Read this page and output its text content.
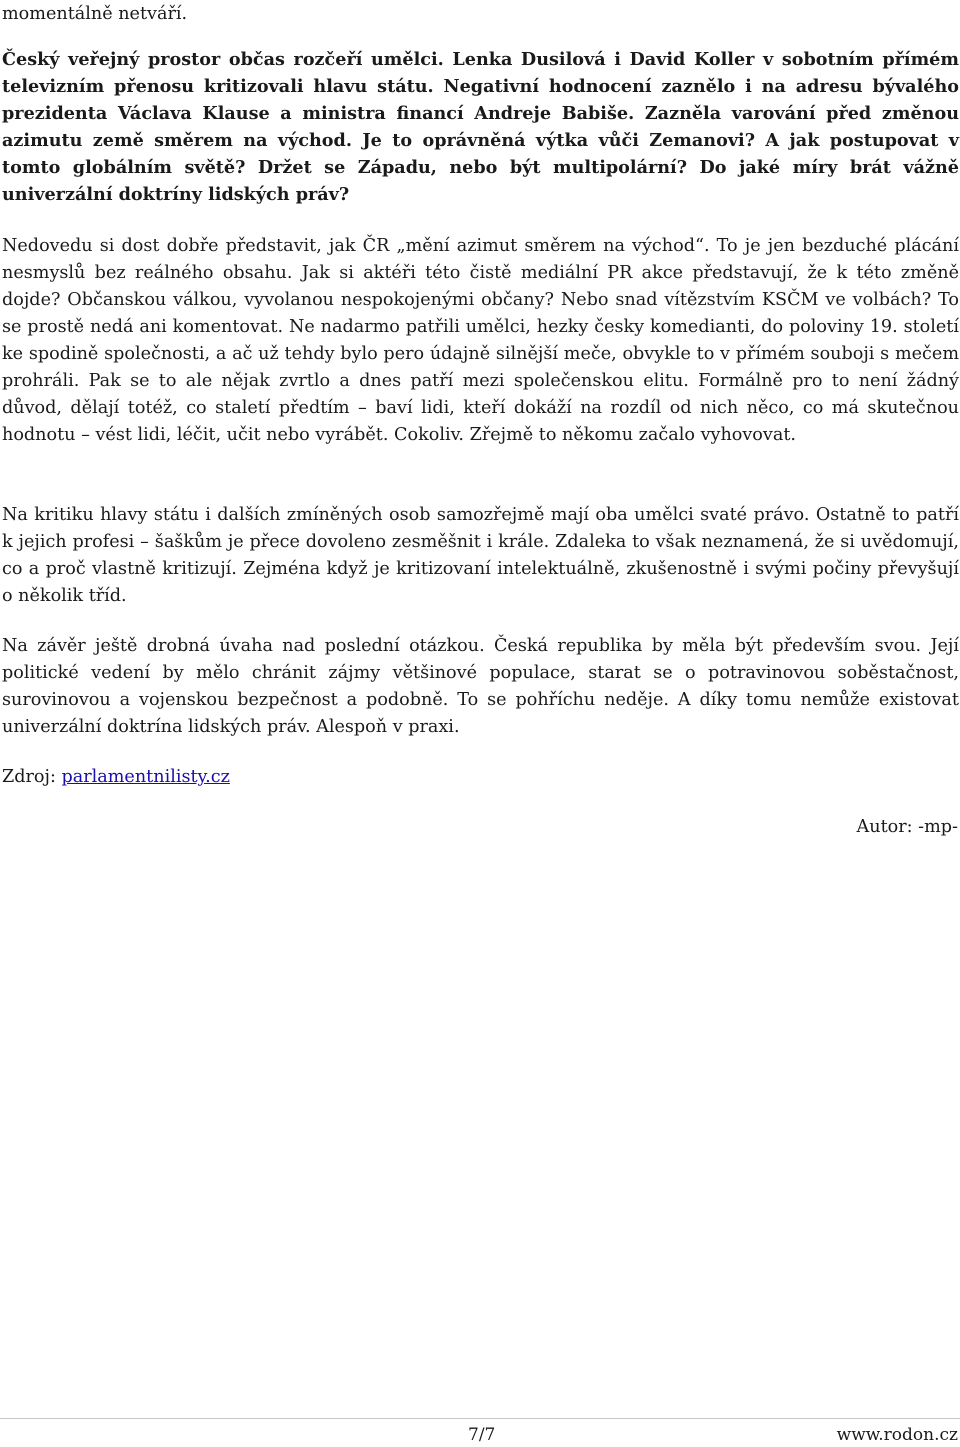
momentálně netváří.

Český veřejný prostor občas rozčeří umělci. Lenka Dusilová i David Koller v sobotním přímém televizním přenosu kritizovali hlavu státu. Negativní hodnocení zaznělo i na adresu bývalého prezidenta Václava Klause a ministra financí Andreje Babiše. Zazněla varování před změnou azimutu země směrem na východ. Je to oprávněná výtka vůči Zemanovi? A jak postupovat v tomto globálním světě? Držet se Západu, nebo být multipolární? Do jaké míry brát vážně univerzální doktríny lidských práv?

Nedovedu si dost dobře představit, jak ČR „mění azimut směrem na východ“. To je jen bezduché plácání nesmyslů bez reálného obsahu. Jak si aktéři této čistě mediální PR akce představují, že k této změně dojde? Občanskou válkou, vyvolanou nespokojenými občany? Nebo snad vítězstvím KSČM ve volbách? To se prostě nedá ani komentovat. Ne nadarmo patřili umělci, hezky česky komedianti, do poloviny 19. století ke spodině společnosti, a ač už tehdy bylo pero údajně silnější meče, obvykle to v přímém souboji s mečem prohráli. Pak se to ale nějak zvrtlo a dnes patří mezi společenskou elitu. Formálně pro to není žádný důvod, dělají totéž, co staletí předtím – baví lidi, kteří dokáží na rozdíl od nich něco, co má skutečnou hodnotu – vést lidi, léčit, učit nebo vyrábět. Cokoliv. Zřejmě to někomu začalo vyhovovat.

Na kritiku hlavy státu i dalších zmíněných osob samozřejmě mají oba umělci svaté právo. Ostatně to patří k jejich profesi – šaškům je přece dovoleno zesměšnit i krále. Zdaleka to však neznamená, že si uvědomují, co a proč vlastně kritizují. Zejména když je kritizovaní intelektuálně, zkušenostně i svými počiny převyšují o několik tříd.

Na závěr ještě drobná úvaha nad poslední otázkou. Česká republika by měla být především svou. Její politické vedení by mělo chránit zájmy většinové populace, starat se o potravinovou soběstačnost, surovinovou a vojenskou bezpečnost a podobně. To se pohříchu neděje. A díky tomu nemůže existovat univerzální doktrína lidských práv. Alespoň v praxi.

Zdroj: parlamentnilisty.cz

Autor: -mp-

7/7	www.rodon.cz
